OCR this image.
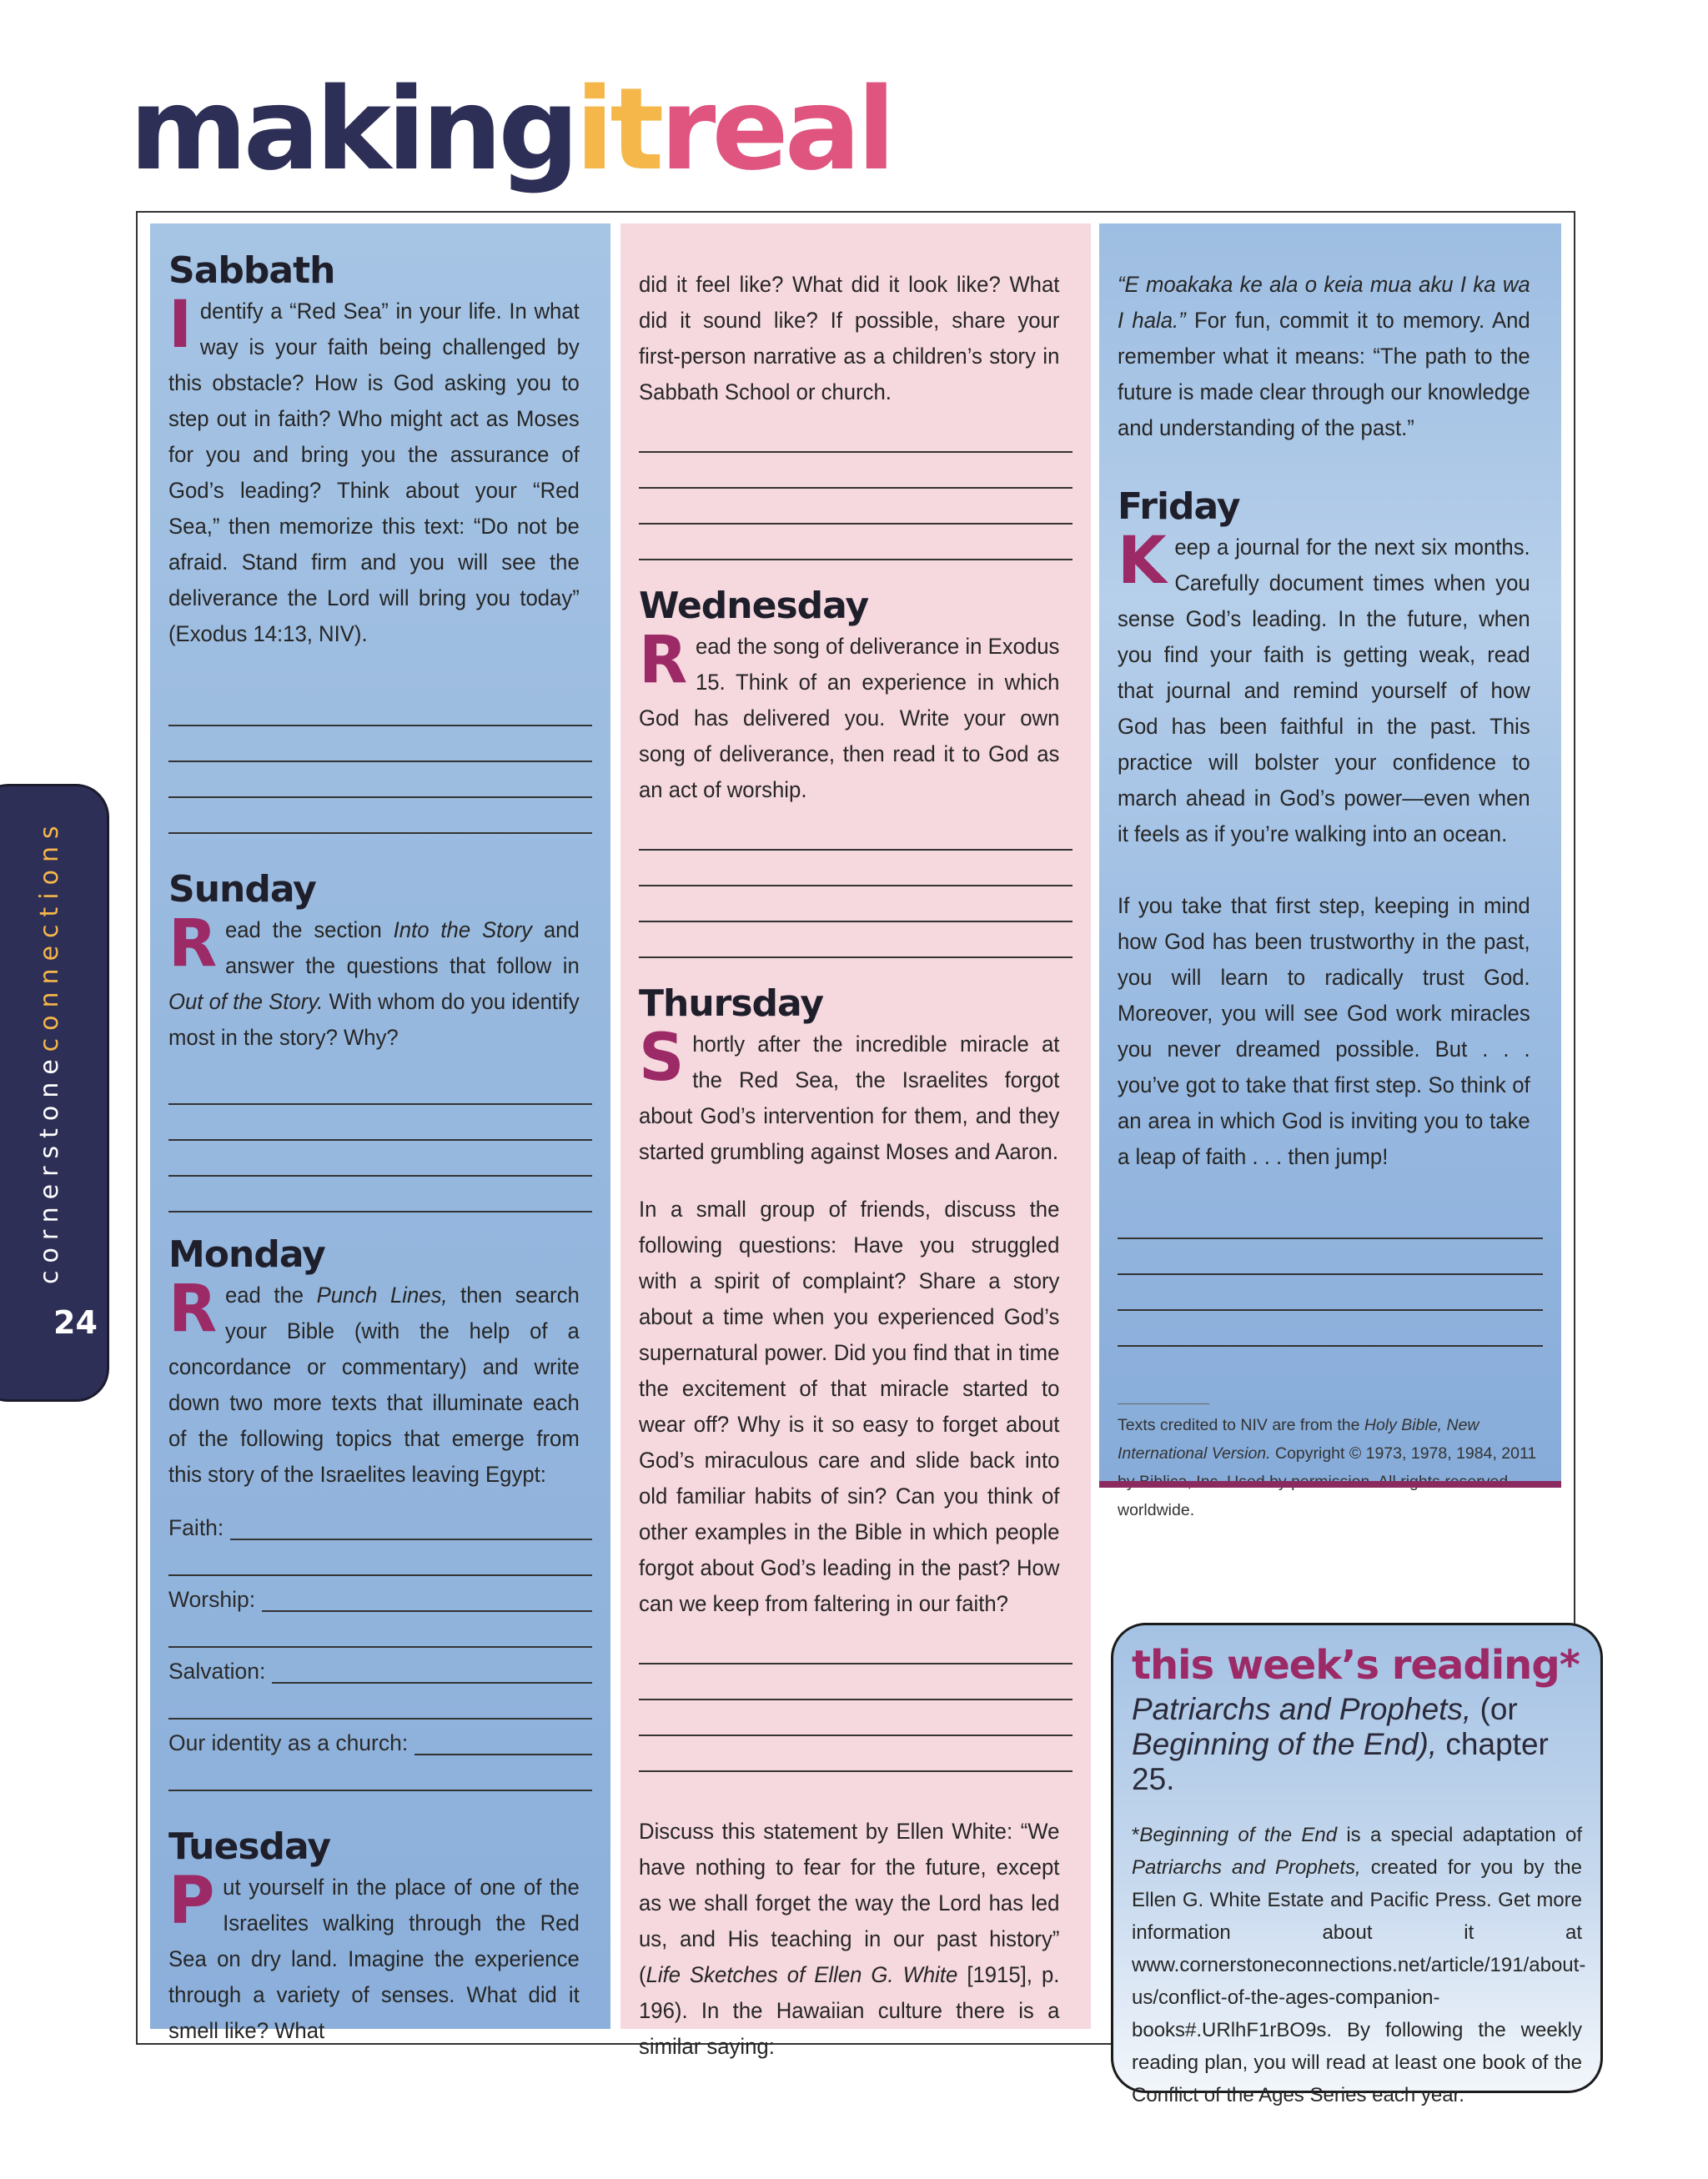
makingitreal
cornerstoneconnections
24
Sabbath

Identify a “Red Sea” in your life. In what way is your faith being challenged by this obstacle? How is God asking you to step out in faith? Who might act as Moses for you and bring you the assurance of God’s leading? Think about your “Red Sea,” then memorize this text: “Do not be afraid. Stand firm and you will see the deliverance the Lord will bring you today” (Exodus 14:13, NIV).

Sunday

Read the section Into the Story and answer the questions that follow in Out of the Story. With whom do you identify most in the story? Why?

Monday

Read the Punch Lines, then search your Bible (with the help of a concordance or commentary) and write down two more texts that illuminate each of the following topics that emerge from this story of the Israelites leaving Egypt:

Faith:
Worship:
Salvation:
Our identity as a church:
Tuesday

Put yourself in the place of one of the Israelites walking through the Red Sea on dry land. Imagine the experience through a variety of senses. What did it smell like? What

did it feel like? What did it look like? What did it sound like? If possible, share your first-person narrative as a children’s story in Sabbath School or church.

Wednesday

Read the song of deliverance in Exodus 15. Think of an experience in which God has delivered you. Write your own song of deliverance, then read it to God as an act of worship.

Thursday

Shortly after the incredible miracle at the Red Sea, the Israelites forgot about God’s intervention for them, and they started grumbling against Moses and Aaron.

In a small group of friends, discuss the following questions: Have you struggled with a spirit of complaint? Share a story about a time when you experienced God’s supernatural power. Did you find that in time the excitement of that miracle started to wear off? Why is it so easy to forget about God’s miraculous care and slide back into old familiar habits of sin? Can you think of other examples in the Bible in which people forgot about God’s leading in the past? How can we keep from faltering in our faith?

Discuss this statement by Ellen White: “We have nothing to fear for the future, except as we shall forget the way the Lord has led us, and His teaching in our past history” (Life Sketches of Ellen G. White [1915], p. 196). In the Hawaiian culture there is a similar saying:

“E moakaka ke ala o keia mua aku I ka wa I hala.” For fun, commit it to memory. And remember what it means: “The path to the future is made clear through our knowledge and understanding of the past.”

Friday

Keep a journal for the next six months. Carefully document times when you sense God’s leading. In the future, when you find your faith is getting weak, read that journal and remind yourself of how God has been faithful in the past. This practice will bolster your confidence to march ahead in God’s power—even when it feels as if you’re walking into an ocean.

If you take that first step, keeping in mind how God has been trustworthy in the past, you will learn to radically trust God. Moreover, you will see God work miracles you never dreamed possible. But . . . you’ve got to take that first step. So think of an area in which God is inviting you to take a leap of faith . . . then jump!

Texts credited to NIV are from the Holy Bible, New International Version. Copyright © 1973, 1978, 1984, 2011 worldwide.

this week’s reading*

Patriarchs and Prophets, (or Beginning of the End), chapter 25.

*Beginning of the End is a special adaptation of Patriarchs and Prophets, created for you by the Ellen G. White Estate and Pacific Press. Get more information about it at www.cornerstoneconnections.net/article/191/about-us/conflict-of-the-ages-companion-books#.URlhF1rBO9s. By following the weekly reading plan, you will read at least one book of the Conflict of the Ages Series each year.
